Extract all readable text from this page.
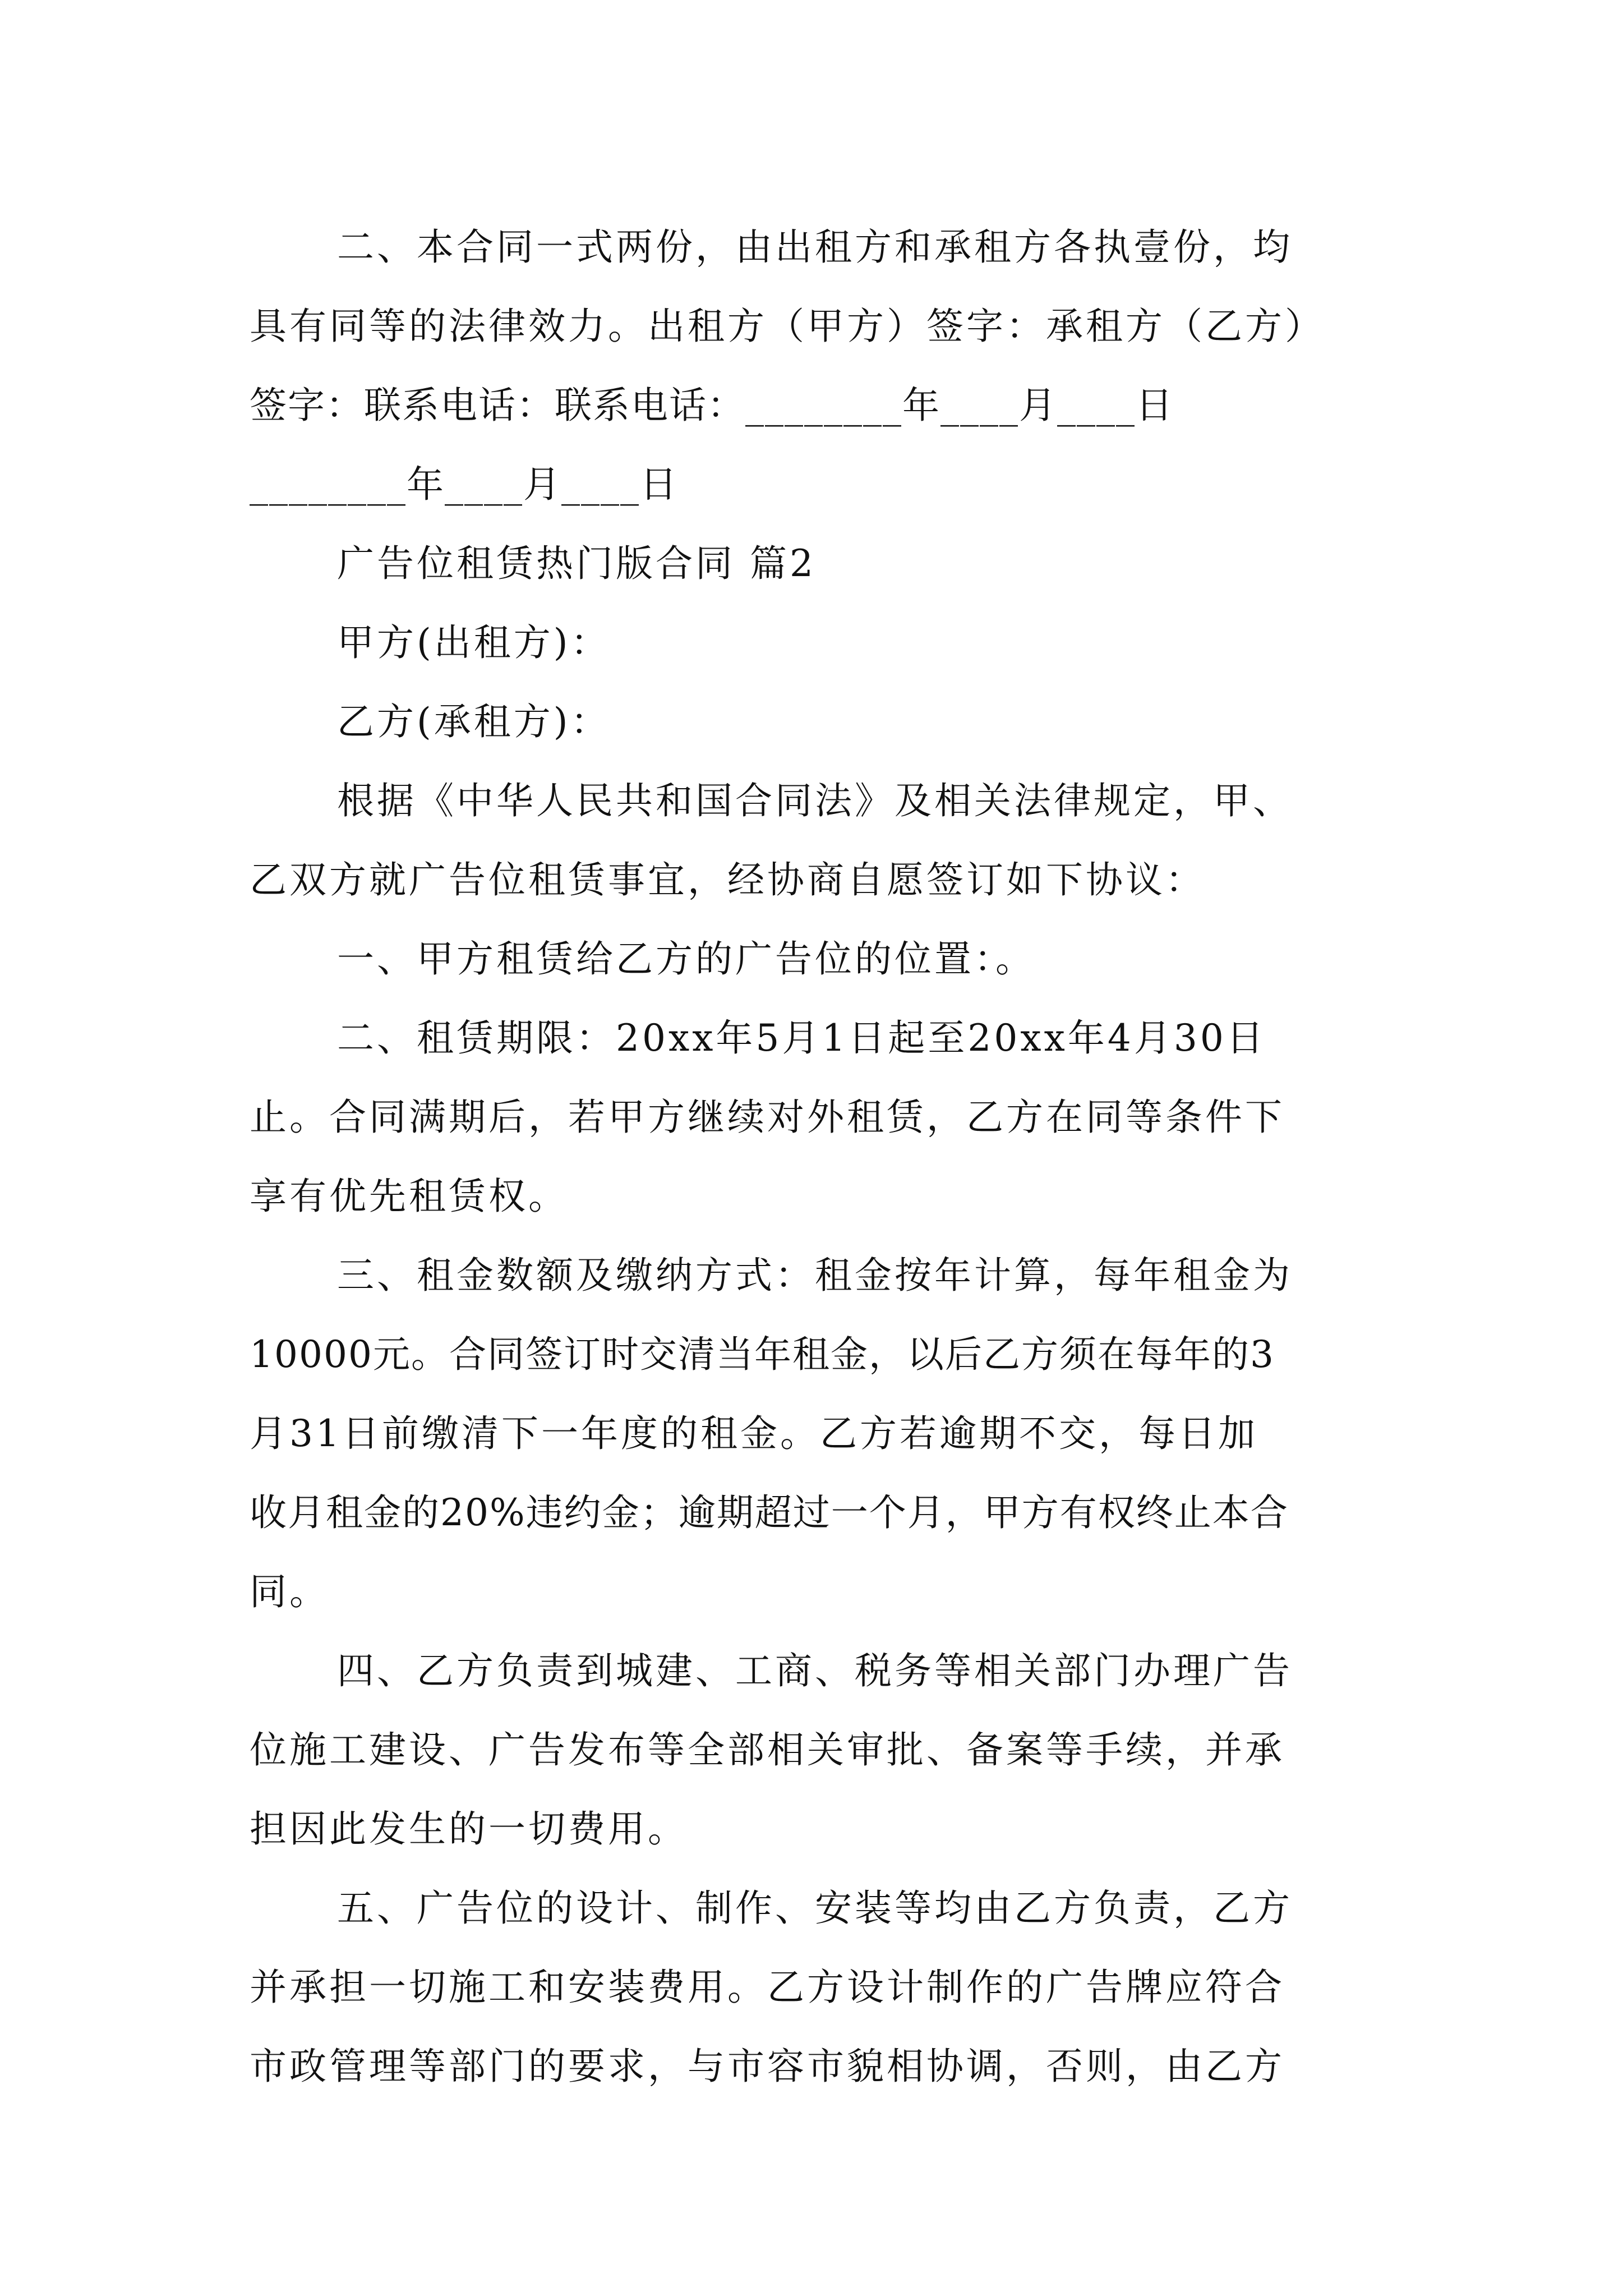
二、本合同一式两份，由出租方和承租方各执壹份，均
具有同等的法律效力。出租方（甲方）签字：承租方（乙方）
签字：联系电话：联系电话：________年____月____日
________年____月____日
广告位租赁热门版合同 篇2
甲方(出租方)：
乙方(承租方)：
根据《中华人民共和国合同法》及相关法律规定，甲、
乙双方就广告位租赁事宜，经协商自愿签订如下协议：
一、甲方租赁给乙方的广告位的位置：。
二、租赁期限：20xx年5月1日起至20xx年4月30日
止。合同满期后，若甲方继续对外租赁，乙方在同等条件下
享有优先租赁权。
三、租金数额及缴纳方式：租金按年计算，每年租金为
10000元。合同签订时交清当年租金，以后乙方须在每年的3
月31日前缴清下一年度的租金。乙方若逾期不交，每日加
收月租金的20%违约金；逾期超过一个月，甲方有权终止本合
同。
四、乙方负责到城建、工商、税务等相关部门办理广告
位施工建设、广告发布等全部相关审批、备案等手续，并承
担因此发生的一切费用。
五、广告位的设计、制作、安装等均由乙方负责，乙方
并承担一切施工和安装费用。乙方设计制作的广告牌应符合
市政管理等部门的要求，与市容市貌相协调，否则，由乙方
